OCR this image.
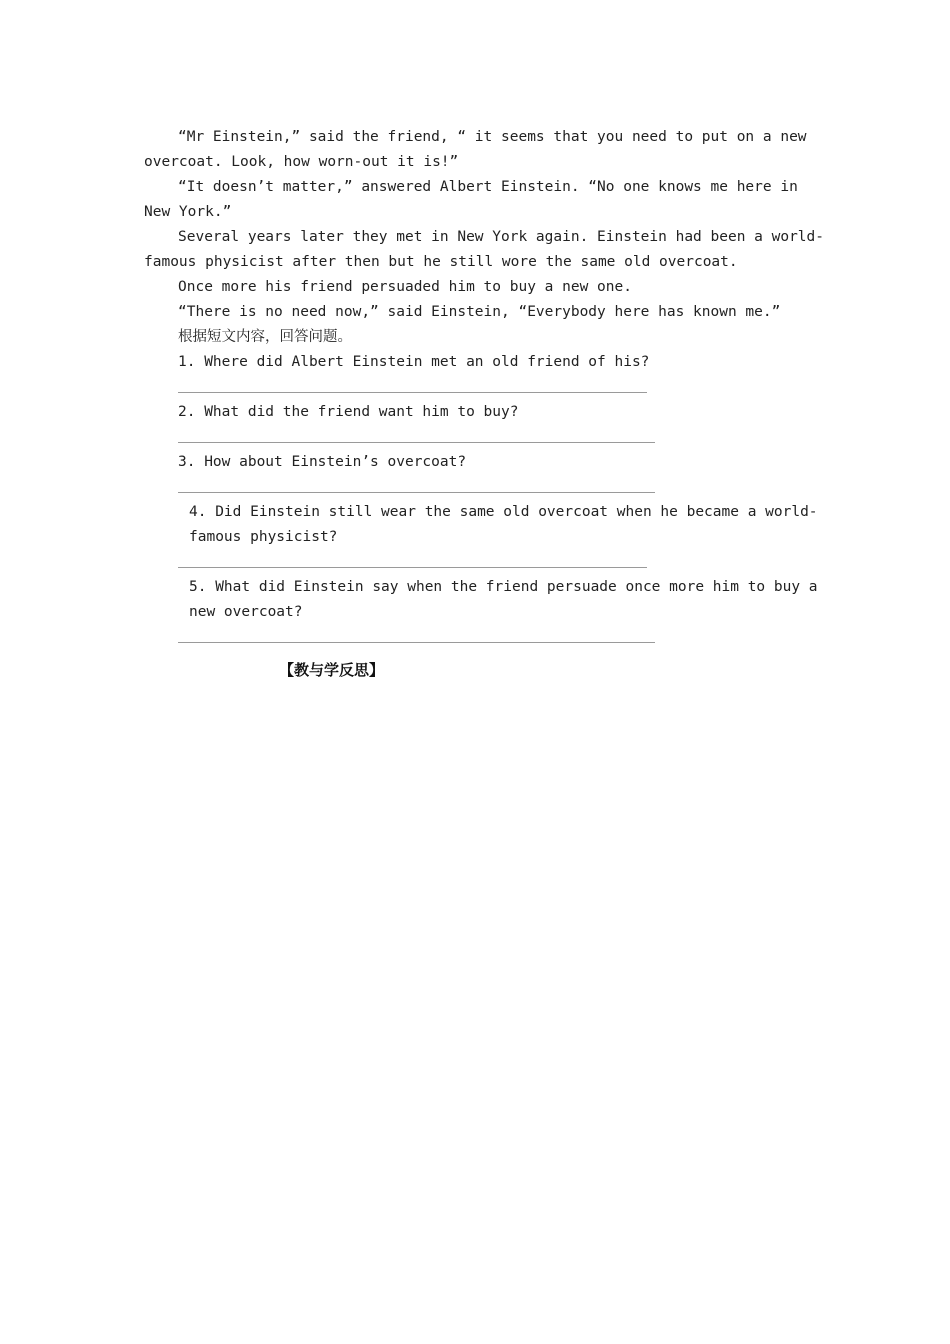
“Mr Einstein,” said the friend, “ it seems that you need to put on a new
overcoat. Look, how worn-out it is!”
“It doesn’t matter,” answered Albert Einstein. “No one knows me here in
New York.”
Several years later they met in New York again. Einstein had been a world-
famous physicist after then but he still wore the same old overcoat.
Once more his friend persuaded him to buy a new one.
“There is no need now,” said Einstein, “Everybody here has known me.”
根据短文内容，回答问题。
1. Where did Albert Einstein met an old friend of his?
2. What did the friend want him to buy?
3. How about Einstein’s overcoat?
4. Did Einstein still wear the same old overcoat when he became a world-
famous physicist?
5. What did Einstein say when the friend persuade once more him to buy a
new overcoat?
【教与学反思】
